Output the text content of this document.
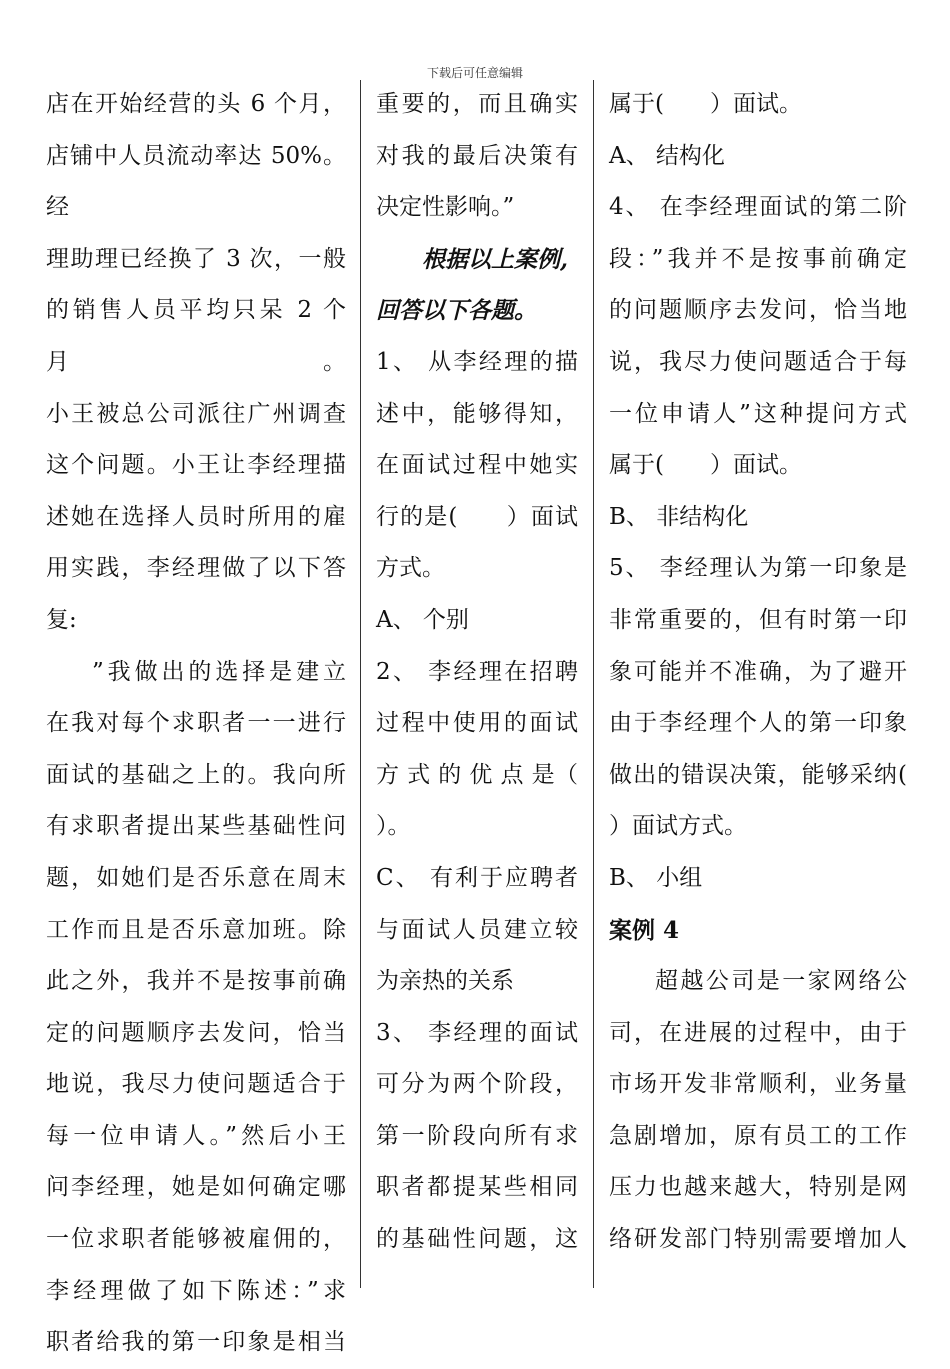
下载后可任意编辑

店在开始经营的头 6 个月，

店铺中人员流动率达 50%。经

理助理已经换了 3 次，一般

的销售人员平均只呆 2 个月。

小王被总公司派往广州调查

这个问题。小王让李经理描

述她在选择人员时所用的雇

用实践，李经理做了以下答

复:

”我做出的选择是建立

在我对每个求职者一一进行

面试的基础之上的。我向所

有求职者提出某些基础性问

题，如她们是否乐意在周末

工作而且是否乐意加班。除

此之外，我并不是按事前确

定的问题顺序去发问，恰当

地说，我尽力使问题适合于

每一位申请人。”然后小王

问李经理，她是如何确定哪

一位求职者能够被雇佣的，

李经理做了如下陈述：”求

职者给我的第一印象是相当

重要的，而且确实

对我的最后决策有

决定性影响。”

根据以上案例,

回答以下各题。

1、 从李经理的描

述中，能够得知，

在面试过程中她实

行的是(　　）面试

方式。

A、 个别

2、 李经理在招聘

过程中使用的面试

方 式 的 优 点 是（

）。

C、 有利于应聘者

与面试人员建立较

为亲热的关系

3、 李经理的面试

可分为两个阶段，

第一阶段向所有求

职者都提某些相同

的基础性问题，这

属于(　　）面试。

A、 结构化

4、 在李经理面试的第二阶

段：”我并不是按事前确定

的问题顺序去发问，恰当地

说，我尽力使问题适合于每

一位申请人”这种提问方式

属于(　　）面试。

B、 非结构化

5、 李经理认为第一印象是

非常重要的，但有时第一印

象可能并不准确，为了避开

由于李经理个人的第一印象

做出的错误决策，能够采纳(

）面试方式。

B、 小组

案例 4

超越公司是一家网络公

司，在进展的过程中，由于

市场开发非常顺利，业务量

急剧增加，原有员工的工作

压力也越来越大，特别是网

络研发部门特别需要增加人
